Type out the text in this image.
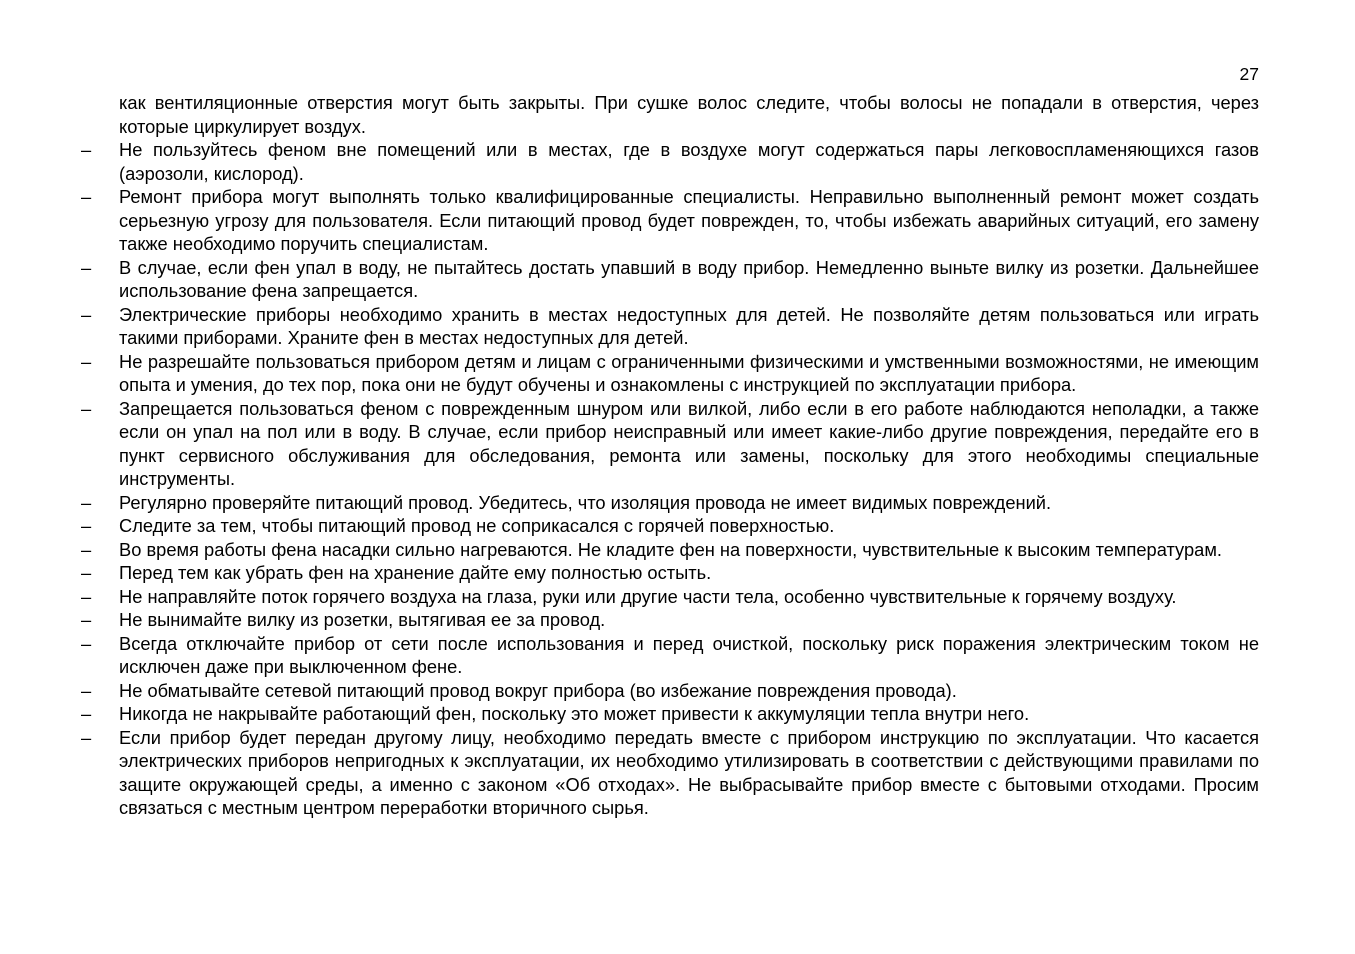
27

как вентиляционные отверстия могут быть закрыты. При сушке волос следите, чтобы волосы не попадали в отверстия, через которые циркулирует воздух.

– Не пользуйтесь феном вне помещений или в местах, где в воздухе могут содержаться пары легковоспламеняющихся газов (аэрозоли, кислород).
– Ремонт прибора могут выполнять только квалифицированные специалисты. Неправильно выполненный ремонт может создать серьезную угрозу для пользователя. Если питающий провод будет поврежден, то, чтобы избежать аварийных ситуаций, его замену также необходимо поручить специалистам.
– В случае, если фен упал в воду, не пытайтесь достать упавший в воду прибор. Немедленно выньте вилку из розетки. Дальнейшее использование фена запрещается.
– Электрические приборы необходимо хранить в местах недоступных для детей. Не позволяйте детям пользоваться или играть такими приборами. Храните фен в местах недоступных для детей.
– Не разрешайте пользоваться прибором детям и лицам с ограниченными физическими и умственными возможностями, не имеющим опыта и умения, до тех пор, пока они не будут обучены и ознакомлены с инструкцией по эксплуатации прибора.
– Запрещается пользоваться феном с поврежденным шнуром или вилкой, либо если в его работе наблюдаются неполадки, а также если он упал на пол или в воду. В случае, если прибор неисправный или имеет какие-либо другие повреждения, передайте его в пункт сервисного обслуживания для обследования, ремонта или замены, поскольку для этого необходимы специальные инструменты.
– Регулярно проверяйте питающий провод. Убедитесь, что изоляция провода не имеет видимых повреждений.
– Следите за тем, чтобы питающий провод не соприкасался с горячей поверхностью.
– Во время работы фена насадки сильно нагреваются. Не кладите фен на поверхности, чувствительные к высоким температурам.
– Перед тем как убрать фен на хранение дайте ему полностью остыть.
– Не направляйте поток горячего воздуха на глаза, руки или другие части тела, особенно чувствительные к горячему воздуху.
– Не вынимайте вилку из розетки, вытягивая ее за провод.
– Всегда отключайте прибор от сети после использования и перед очисткой, поскольку риск поражения электрическим током не исключен даже при выключенном фене.
– Не обматывайте сетевой питающий провод вокруг прибора (во избежание повреждения провода).
– Никогда не накрывайте работающий фен, поскольку это может привести к аккумуляции тепла внутри него.
– Если прибор будет передан другому лицу, необходимо передать вместе с прибором инструкцию по эксплуатации. Что касается электрических приборов непригодных к эксплуатации, их необходимо утилизировать в соответствии с действующими правилами по защите окружающей среды, а именно с законом «Об отходах». Не выбрасывайте прибор вместе с бытовыми отходами. Просим связаться с местным центром переработки вторичного сырья.
